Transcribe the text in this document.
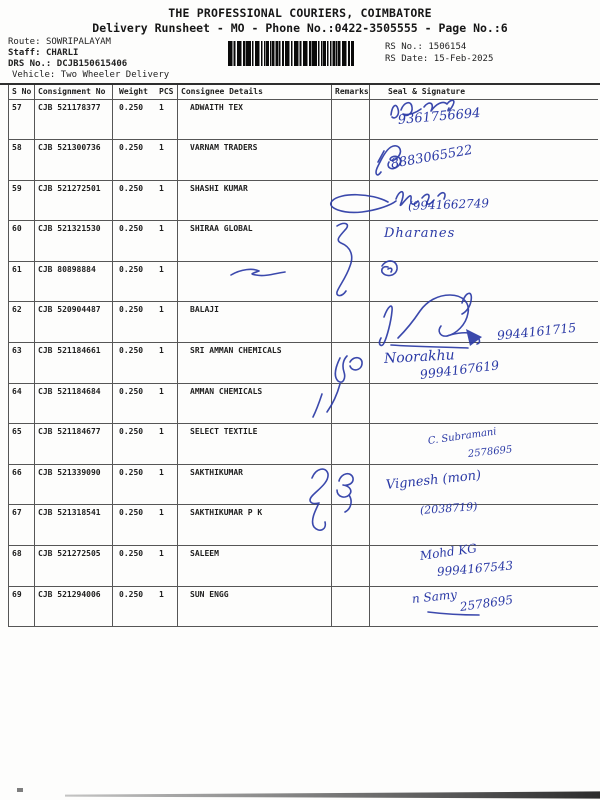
THE PROFESSIONAL COURIERS, COIMBATORE
Delivery Runsheet - MO - Phone No.:0422-3505555 - Page No.:6
Route: SOWRIPALAYAM
Staff: CHARLI
DRS No.: DCJB150615406
Vehicle: Two Wheeler Delivery
RS No.: 1506154
RS Date: 15-Feb-2025
S No	Consignment No	Weight PCS	Consignee Details	Remarks	Seal & Signature
57	CJB 521178377	0.250 1	ADWAITH TEX		
58	CJB 521300736	0.250 1	VARNAM TRADERS		
59	CJB 521272501	0.250 1	SHASHI KUMAR		
60	CJB 521321530	0.250 1	SHIRAA GLOBAL		
61	CJB 80898884	0.250 1			

62	CJB 520904487	0.250 1	BALAJI		
63	CJB 521184661	0.250 1	SRI AMMAN CHEMICALS		
64	CJB 521184684	0.250 1	AMMAN CHEMICALS		
65	CJB 521184677	0.250 1	SELECT TEXTILE		
66	CJB 521339090	0.250 1	SAKTHIKUMAR		
67	CJB 521318541	0.250 1	SAKTHIKUMAR P K		
68	CJB 521272505	0.250 1	SALEEM		
69	CJB 521294006	0.250 1	SUN ENGG		
9361756694
8883065522
(9941662749
Dharanes
9944161715
Noorakhu
9994167619
C. Subramani
2578695
Vignesh (mon)
(2038719)
Mohd KG
9994167543
n Samy 2578695
